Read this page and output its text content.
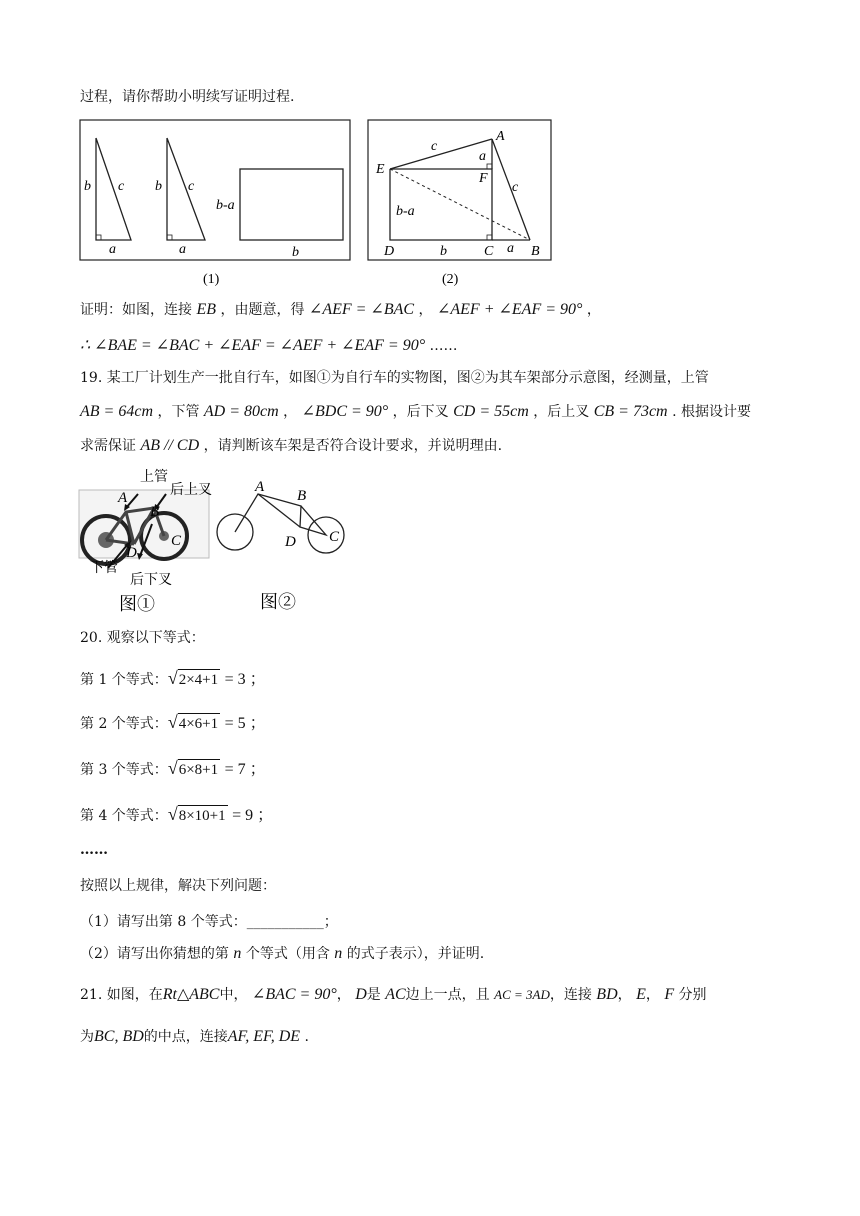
过程，请你帮助小明续写证明过程.
b c
a
b c
a
b-a
b
(1)
c
A
a
E
F
c
b-a
D	b	C a B
(2)
证明：如图，连接 EB ，由题意，得 ∠AEF = ∠BAC ， ∠AEF + ∠EAF = 90° ，
∴ ∠BAE = ∠BAC + ∠EAF = ∠AEF + ∠EAF = 90° ……
19. 某工厂计划生产一批自行车，如图①为自行车的实物图，图②为其车架部分示意图，经测量，上管
AB = 64cm ，下管 AD = 80cm ， ∠BDC = 90° ，后下叉 CD = 55cm ，后上叉 CB = 73cm . 根据设计要
求需保证 AB // CD ，请判断该车架是否符合设计要求，并说明理由.
上管
后上叉
下管
后下叉
A
B
C
D
图①
A
B
D C
图②
20. 观察以下等式：
第 1 个等式：√2×4+1 = 3 ；
第 2 个等式：√4×6+1 = 5 ；
第 3 个等式：√6×8+1 = 7 ；
第 4 个等式：√8×10+1 = 9 ；
……
按照以上规律，解决下列问题：
（1）请写出第 8 个等式：___________；
（2）请写出你猜想的第 n 个等式（用含 n 的式子表示），并证明.
21. 如图，在Rt△ABC中， ∠BAC = 90°， D是 AC边上一点，且 AC = 3AD，连接 BD， E， F 分别
为BC, BD的中点，连接AF, EF, DE .
